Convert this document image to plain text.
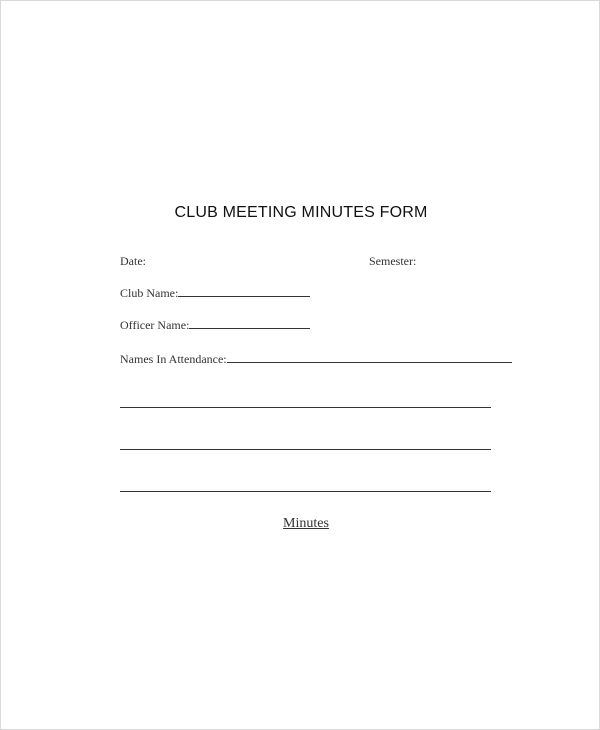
CLUB MEETING MINUTES FORM
Date:	Semester:
Club Name:
Officer Name:
Names In Attendance:
Minutes
